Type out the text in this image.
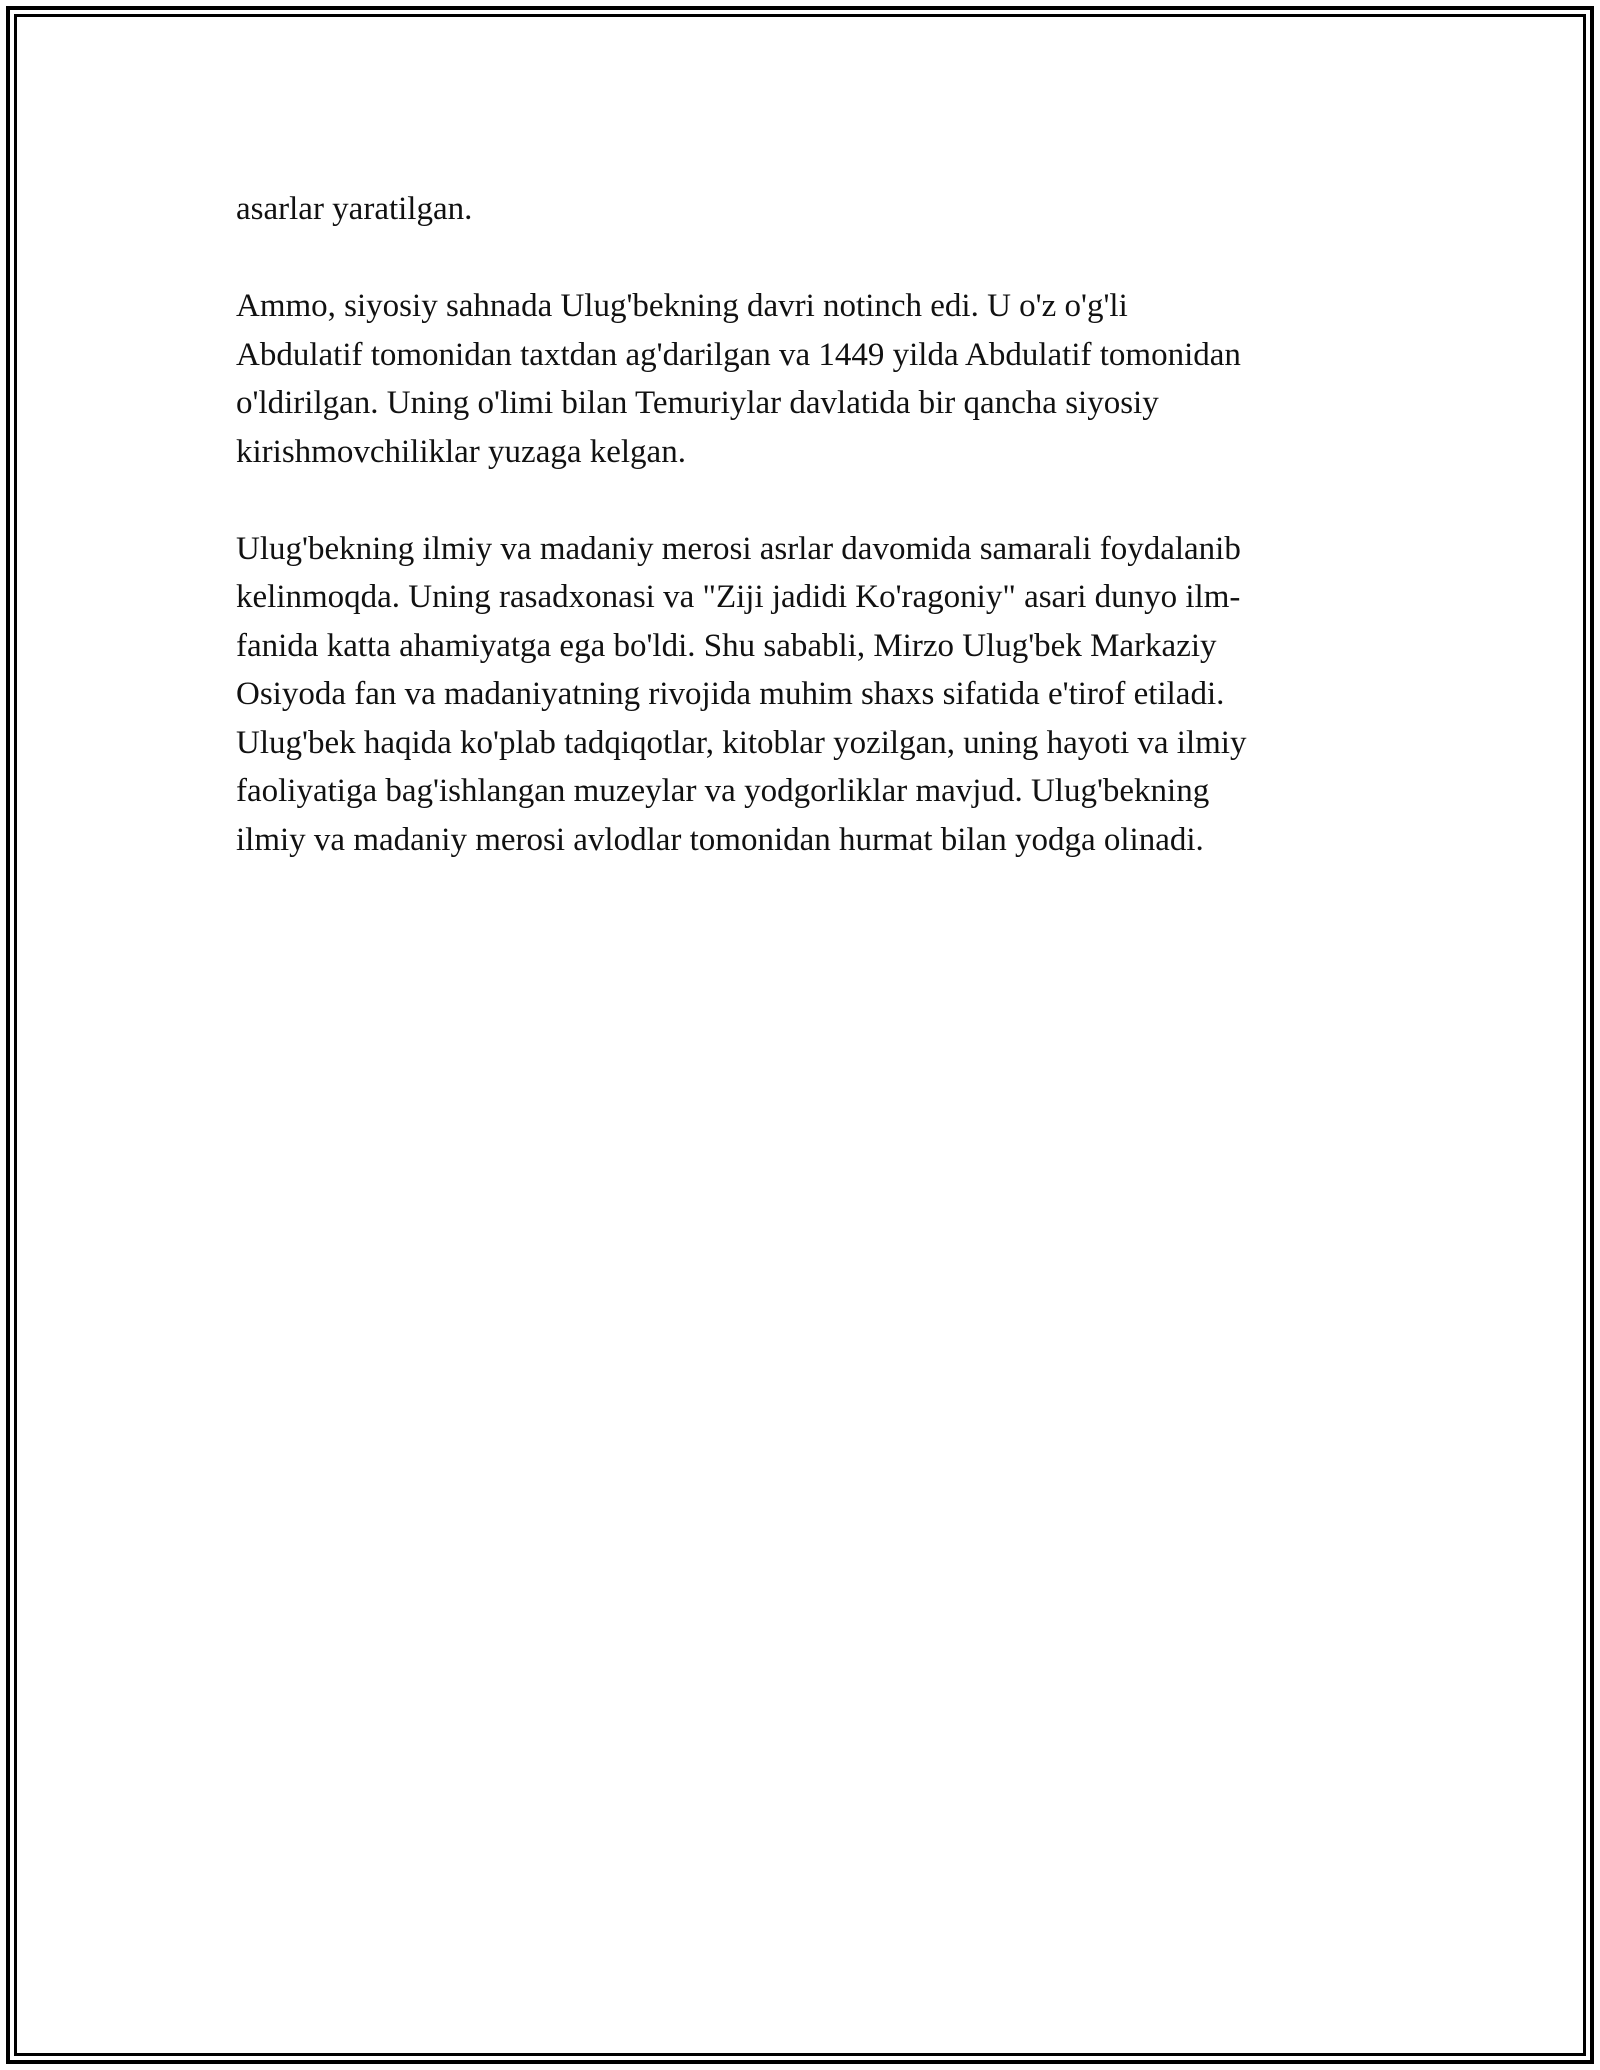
asarlar yaratilgan.

Ammo, siyosiy sahnada Ulug'bekning davri notinch edi. U o'z o'g'li
Abdulatif tomonidan taxtdan ag'darilgan va 1449 yilda Abdulatif tomonidan
o'ldirilgan. Uning o'limi bilan Temuriylar davlatida bir qancha siyosiy
kirishmovchiliklar yuzaga kelgan.

Ulug'bekning ilmiy va madaniy merosi asrlar davomida samarali foydalanib
kelinmoqda. Uning rasadxonasi va "Ziji jadidi Ko'ragoniy" asari dunyo ilm-
fanida katta ahamiyatga ega bo'ldi. Shu sababli, Mirzo Ulug'bek Markaziy
Osiyoda fan va madaniyatning rivojida muhim shaxs sifatida e'tirof etiladi.
Ulug'bek haqida ko'plab tadqiqotlar, kitoblar yozilgan, uning hayoti va ilmiy
faoliyatiga bag'ishlangan muzeylar va yodgorliklar mavjud. Ulug'bekning
ilmiy va madaniy merosi avlodlar tomonidan hurmat bilan yodga olinadi.
